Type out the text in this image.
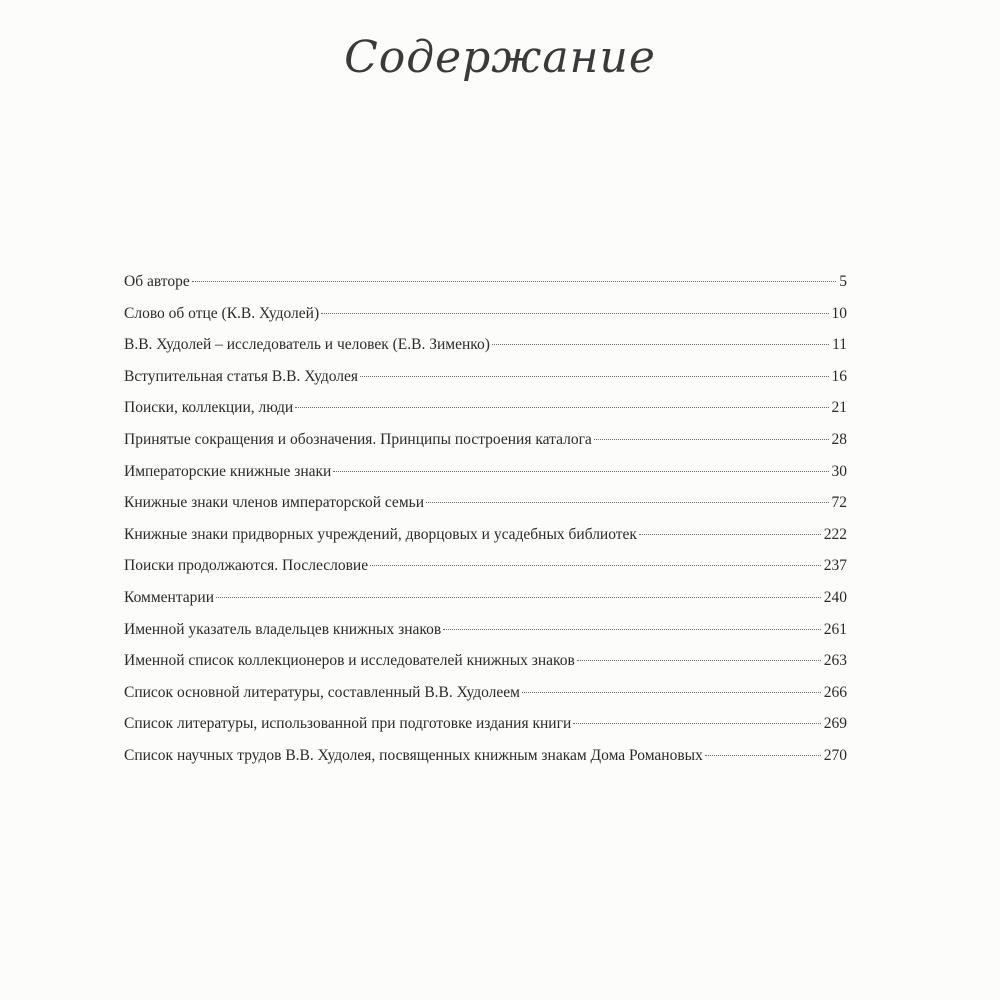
Содержание
Об авторе	5
Слово об отце (К.В. Худолей)	10
В.В. Худолей – исследователь и человек (Е.В. Зименко)	11
Вступительная статья В.В. Худолея	16
Поиски, коллекции, люди	21
Принятые сокращения и обозначения. Принципы построения каталога	28
Императорские книжные знаки	30
Книжные знаки членов императорской семьи	72
Книжные знаки придворных учреждений, дворцовых и усадебных библиотек	222
Поиски продолжаются. Послесловие	237
Комментарии	240
Именной указатель владельцев книжных знаков	261
Именной список коллекционеров и исследователей книжных знаков	263
Список основной литературы, составленный В.В. Худолеем	266
Список литературы, использованной при подготовке издания книги	269
Список научных трудов В.В. Худолея, посвященных книжным знакам Дома Романовых	270
